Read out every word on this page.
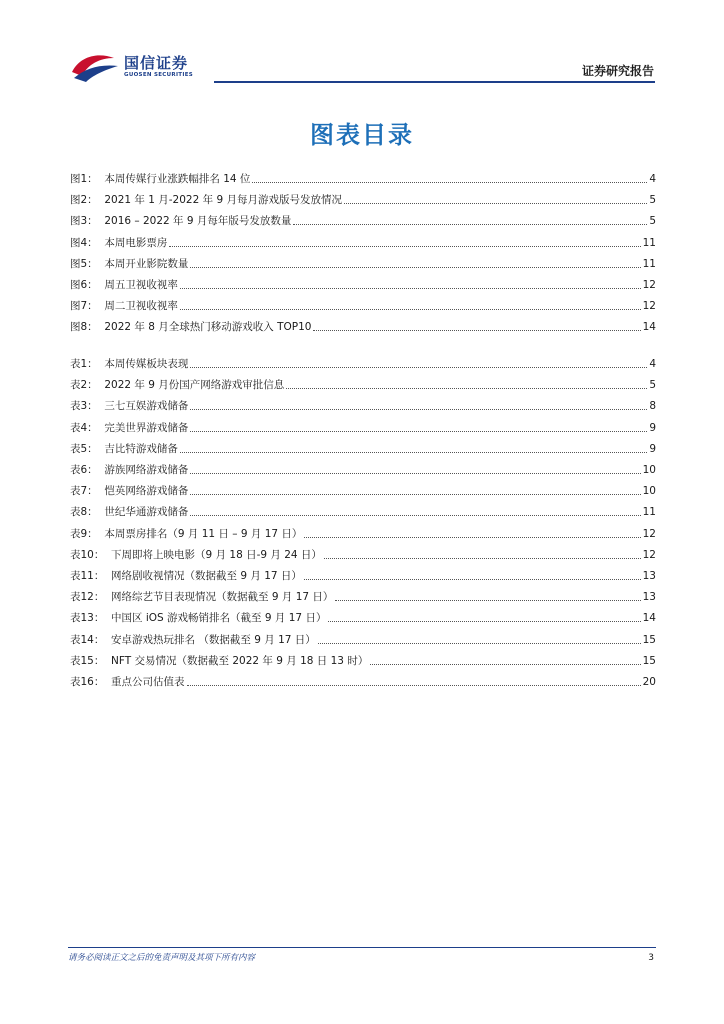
国信证券
GUOSEN SECURITIES	证券研究报告
图表目录
图1：  本周传媒行业涨跌幅排名 14 位	4
图2：  2021 年 1 月-2022 年 9 月每月游戏版号发放情况	5
图3：  2016 – 2022 年 9 月每年版号发放数量	5
图4：  本周电影票房	11
图5：  本周开业影院数量	11
图6：  周五卫视收视率	12
图7：  周二卫视收视率	12
图8：  2022 年 8 月全球热门移动游戏收入 TOP10	14
表1：  本周传媒板块表现	4
表2：  2022 年 9 月份国产网络游戏审批信息	5
表3：  三七互娱游戏储备	8
表4：  完美世界游戏储备	9
表5：  吉比特游戏储备	9
表6：  游族网络游戏储备	10
表7：  恺英网络游戏储备	10
表8：  世纪华通游戏储备	11
表9：  本周票房排名（9 月 11 日 – 9 月 17 日）	12
表10：  下周即将上映电影（9 月 18 日-9 月 24 日）	12
表11：  网络剧收视情况（数据截至 9 月 17 日）	13
表12：  网络综艺节目表现情况（数据截至 9 月 17 日）	13
表13：  中国区 iOS 游戏畅销排名（截至 9 月 17 日）	14
表14：  安卓游戏热玩排名 （数据截至 9 月 17 日）	15
表15：  NFT 交易情况（数据截至 2022 年 9 月 18 日 13 时）	15
表16：  重点公司估值表	20
请务必阅读正文之后的免责声明及其项下所有内容	3
